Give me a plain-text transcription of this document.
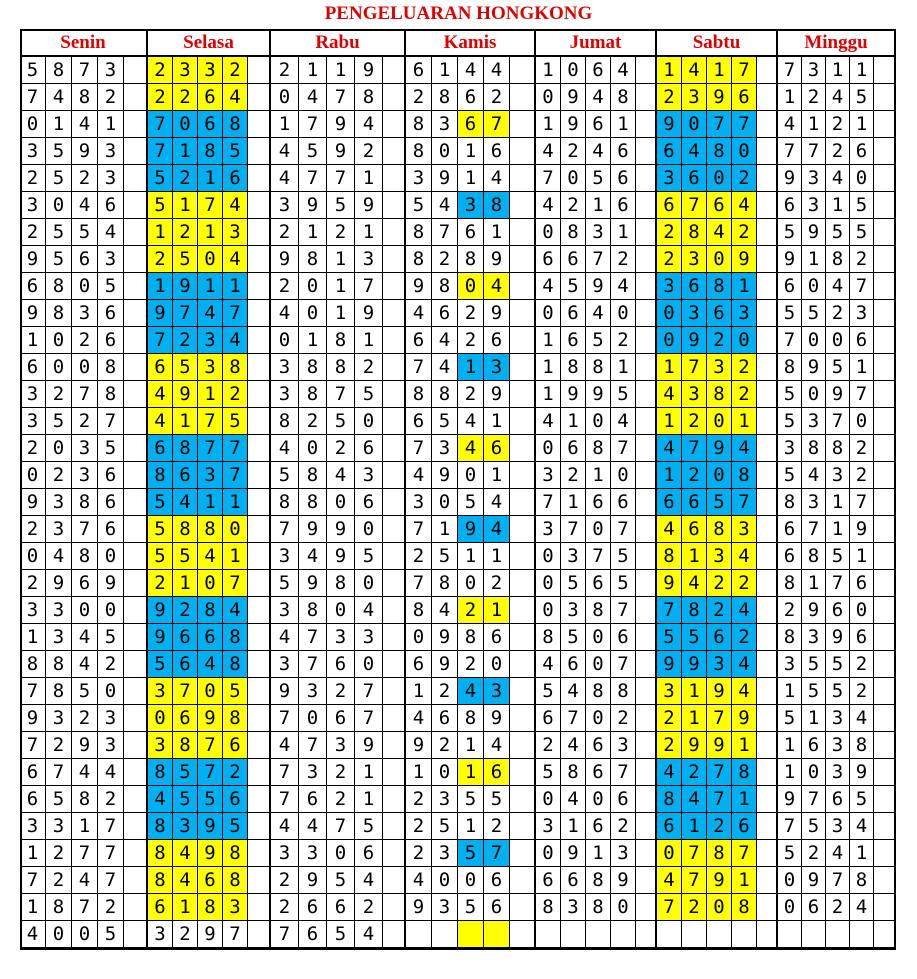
PENGELUARAN HONGKONG
Senin	Selasa	Rabu	Kamis	Jumat	Sabtu	Minggu
5 8 7 3	2 3 3 2	2 1 1 9	6 1 4 4	1 0 6 4	1 4 1 7	7 3 1 1
7 4 8 2	2 2 6 4	0 4 7 8	2 8 6 2	0 9 4 8	2 3 9 6	1 2 4 5
0 1 4 1	7 0 6 8	1 7 9 4	8 3 6 7	1 9 6 1	9 0 7 7	4 1 2 1
3 5 9 3	7 1 8 5	4 5 9 2	8 0 1 6	4 2 4 6	6 4 8 0	7 7 2 6
2 5 2 3	5 2 1 6	4 7 7 1	3 9 1 4	7 0 5 6	3 6 0 2	9 3 4 0
3 0 4 6	5 1 7 4	3 9 5 9	5 4 3 8	4 2 1 6	6 7 6 4	6 3 1 5
2 5 5 4	1 2 1 3	2 1 2 1	8 7 6 1	0 8 3 1	2 8 4 2	5 9 5 5
9 5 6 3	2 5 0 4	9 8 1 3	8 2 8 9	6 6 7 2	2 3 0 9	9 1 8 2
6 8 0 5	1 9 1 1	2 0 1 7	9 8 0 4	4 5 9 4	3 6 8 1	6 0 4 7
9 8 3 6	9 7 4 7	4 0 1 9	4 6 2 9	0 6 4 0	0 3 6 3	5 5 2 3
1 0 2 6	7 2 3 4	0 1 8 1	6 4 2 6	1 6 5 2	0 9 2 0	7 0 0 6
6 0 0 8	6 5 3 8	3 8 8 2	7 4 1 3	1 8 8 1	1 7 3 2	8 9 5 1
3 2 7 8	4 9 1 2	3 8 7 5	8 8 2 9	1 9 9 5	4 3 8 2	5 0 9 7
3 5 2 7	4 1 7 5	8 2 5 0	6 5 4 1	4 1 0 4	1 2 0 1	5 3 7 0
2 0 3 5	6 8 7 7	4 0 2 6	7 3 4 6	0 6 8 7	4 7 9 4	3 8 8 2
0 2 3 6	8 6 3 7	5 8 4 3	4 9 0 1	3 2 1 0	1 2 0 8	5 4 3 2
9 3 8 6	5 4 1 1	8 8 0 6	3 0 5 4	7 1 6 6	6 6 5 7	8 3 1 7
2 3 7 6	5 8 8 0	7 9 9 0	7 1 9 4	3 7 0 7	4 6 8 3	6 7 1 9
0 4 8 0	5 5 4 1	3 4 9 5	2 5 1 1	0 3 7 5	8 1 3 4	6 8 5 1
2 9 6 9	2 1 0 7	5 9 8 0	7 8 0 2	0 5 6 5	9 4 2 2	8 1 7 6
3 3 0 0	9 2 8 4	3 8 0 4	8 4 2 1	0 3 8 7	7 8 2 4	2 9 6 0
1 3 4 5	9 6 6 8	4 7 3 3	0 9 8 6	8 5 0 6	5 5 6 2	8 3 9 6
8 8 4 2	5 6 4 8	3 7 6 0	6 9 2 0	4 6 0 7	9 9 3 4	3 5 5 2
7 8 5 0	3 7 0 5	9 3 2 7	1 2 4 3	5 4 8 8	3 1 9 4	1 5 5 2
9 3 2 3	0 6 9 8	7 0 6 7	4 6 8 9	6 7 0 2	2 1 7 9	5 1 3 4
7 2 9 3	3 8 7 6	4 7 3 9	9 2 1 4	2 4 6 3	2 9 9 1	1 6 3 8
6 7 4 4	8 5 7 2	7 3 2 1	1 0 1 6	5 8 6 7	4 2 7 8	1 0 3 9
6 5 8 2	4 5 5 6	7 6 2 1	2 3 5 5	0 4 0 6	8 4 7 1	9 7 6 5
3 3 1 7	8 3 9 5	4 4 7 5	2 5 1 2	3 1 6 2	6 1 2 6	7 5 3 4
1 2 7 7	8 4 9 8	3 3 0 6	2 3 5 7	0 9 1 3	0 7 8 7	5 2 4 1
7 2 4 7	8 4 6 8	2 9 5 4	4 0 0 6	6 6 8 9	4 7 9 1	0 9 7 8
1 8 7 2	6 1 8 3	2 6 6 2	9 3 5 6	8 3 8 0	7 2 0 8	0 6 2 4
4 0 0 5	3 2 9 7	7 6 5 4
